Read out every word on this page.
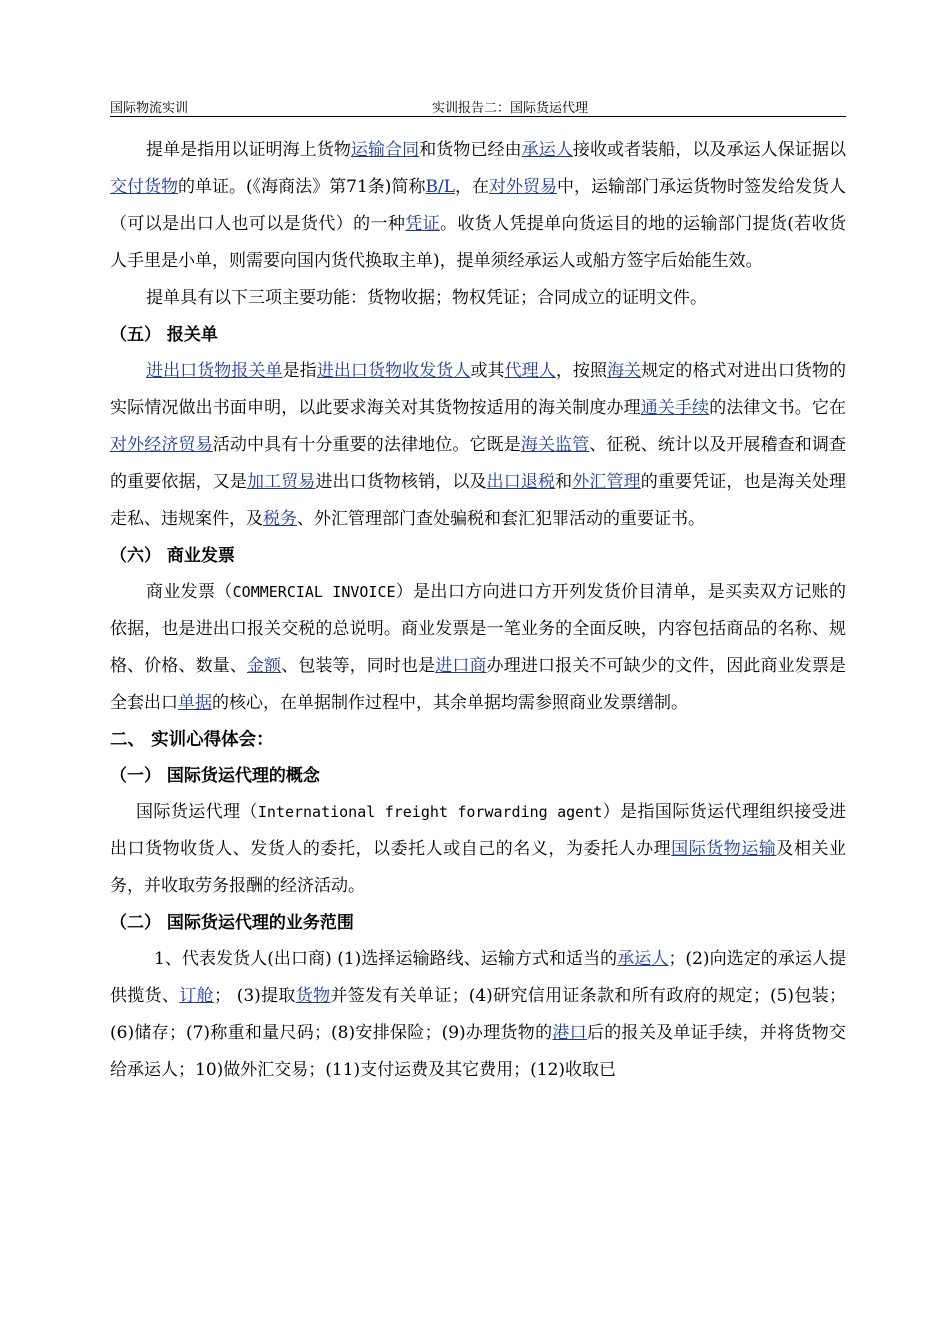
国际物流实训	实训报告二：国际货运代理

提单是指用以证明海上货物运输合同和货物已经由承运人接收或者装船，以及承运人保证据以交付货物的单证。(《海商法》第71条)简称B/L，在对外贸易中，运输部门承运货物时签发给发货人（可以是出口人也可以是货代）的一种凭证。收货人凭提单向货运目的地的运输部门提货(若收货人手里是小单，则需要向国内货代换取主单)，提单须经承运人或船方签字后始能生效。

提单具有以下三项主要功能：货物收据；物权凭证；合同成立的证明文件。

（五） 报关单

进出口货物报关单是指进出口货物收发货人或其代理人，按照海关规定的格式对进出口货物的实际情况做出书面申明，以此要求海关对其货物按适用的海关制度办理通关手续的法律文书。它在对外经济贸易活动中具有十分重要的法律地位。它既是海关监管、征税、统计以及开展稽查和调查的重要依据，又是加工贸易进出口货物核销，以及出口退税和外汇管理的重要凭证，也是海关处理走私、违规案件，及税务、外汇管理部门查处骗税和套汇犯罪活动的重要证书。

（六） 商业发票

商业发票（COMMERCIAL INVOICE）是出口方向进口方开列发货价目清单，是买卖双方记账的依据，也是进出口报关交税的总说明。商业发票是一笔业务的全面反映，内容包括商品的名称、规格、价格、数量、金额、包装等，同时也是进口商办理进口报关不可缺少的文件，因此商业发票是全套出口单据的核心，在单据制作过程中，其余单据均需参照商业发票缮制。

二、 实训心得体会：

（一） 国际货运代理的概念

国际货运代理（International freight forwarding agent）是指国际货运代理组织接受进出口货物收货人、发货人的委托，以委托人或自己的名义，为委托人办理国际货物运输及相关业务，并收取劳务报酬的经济活动。

（二） 国际货运代理的业务范围

1、代表发货人(出口商) (1)选择运输路线、运输方式和适当的承运人；(2)向选定的承运人提供揽货、订舱； (3)提取货物并签发有关单证；(4)研究信用证条款和所有政府的规定；(5)包装；(6)储存；(7)称重和量尺码；(8)安排保险；(9)办理货物的港口后的报关及单证手续，并将货物交给承运人；10)做外汇交易；(11)支付运费及其它费用；(12)收取已
